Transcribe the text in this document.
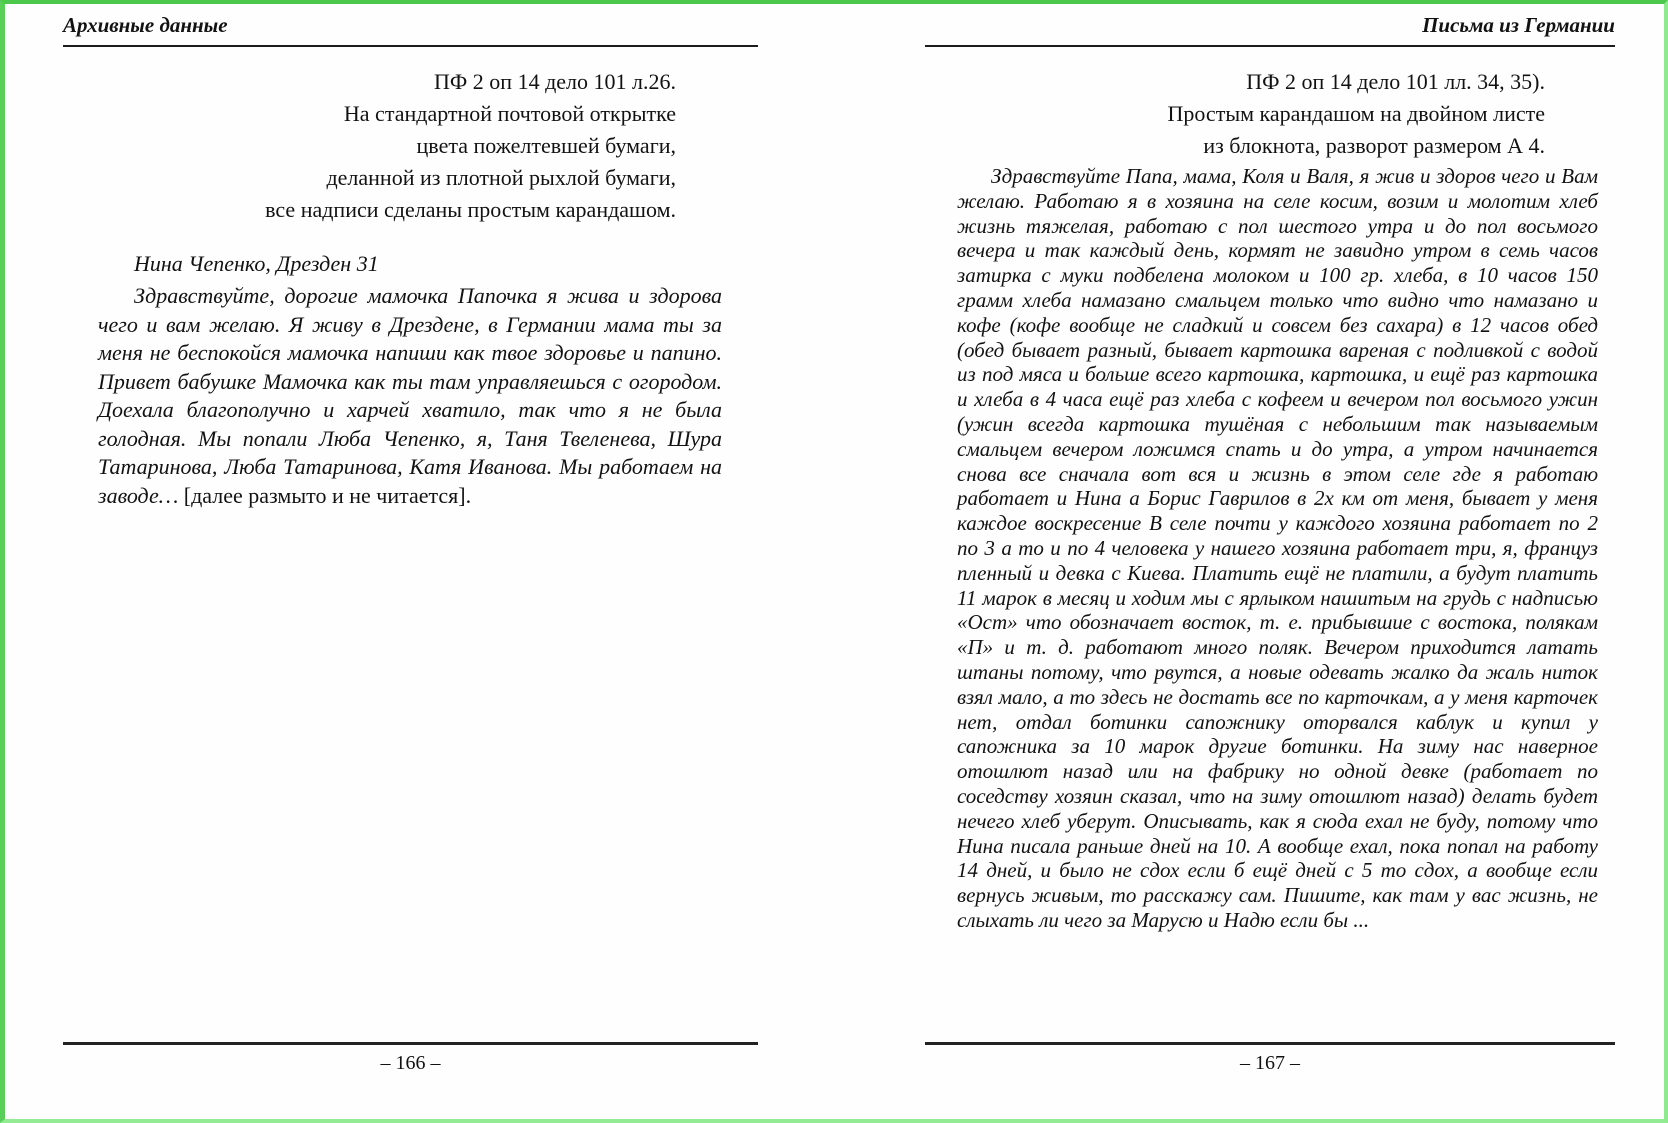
Архивные данные
ПФ 2 оп 14 дело 101 л.26.
На стандартной почтовой открытке
цвета пожелтевшей бумаги,
деланной из плотной рыхлой бумаги,
все надписи сделаны простым карандашом.
Нина Чепенко, Дрезден 31

Здравствуйте, дорогие мамочка Папочка я жива и здорова чего и вам желаю. Я живу в Дрездене, в Германии мама ты за меня не беспокойся мамочка напиши как твое здоровье и папино. Привет бабушке Мамочка как ты там управляешься с огородом. Доехала благополучно и харчей хватило, так что я не была голодная. Мы попали Люба Чепенко, я, Таня Твеленева, Шура Татаринова, Люба Татаринова, Катя Иванова. Мы работаем на заводе… [далее размыто и не читается].

– 166 –
Письма из Германии
ПФ 2 оп 14 дело 101 лл. 34, 35).
Простым карандашом на двойном листе
из блокнота, разворот размером А 4.

Здравствуйте Папа, мама, Коля и Валя, я жив и здоров чего и Вам желаю. Работаю я в хозяина на селе косим, возим и молотим хлеб жизнь тяжелая, работаю с пол шестого утра и до пол восьмого вечера и так каждый день, кормят не завидно утром в семь часов затирка с муки подбелена молоком и 100 гр. хлеба, в 10 часов 150 грамм хлеба намазано смальцем только что видно что намазано и кофе (кофе вообще не сладкий и совсем без сахара) в 12 часов обед (обед бывает разный, бывает картошка вареная с подливкой с водой из под мяса и больше всего картошка, картошка, и ещё раз картошка и хлеба в 4 часа ещё раз хлеба с кофеем и вечером пол восьмого ужин (ужин всегда картошка тушёная с небольшим так называемым смальцем вечером ложимся спать и до утра, а утром начинается снова все сначала вот вся и жизнь в этом селе где я работаю работает и Нина а Борис Гаврилов в 2х км от меня, бывает у меня каждое воскресение В селе почти у каждого хозяина работает по 2 по 3 а то и по 4 человека у нашего хозяина работает три, я, француз пленный и девка с Киева. Платить ещё не платили, а будут платить 11 марок в месяц и ходим мы с ярлыком нашитым на грудь с надписью «Ост» что обозначает восток, т. е. прибывшие с востока, полякам «П» и т. д. работают много поляк. Вечером приходится латать штаны потому, что рвутся, а новые одевать жалко да жаль ниток взял мало, а то здесь не достать все по карточкам, а у меня карточек нет, отдал ботинки сапожнику оторвался каблук и купил у сапожника за 10 марок другие ботинки. На зиму нас наверное отошлют назад или на фабрику но одной девке (работает по соседству хозяин сказал, что на зиму отошлют назад) делать будет нечего хлеб уберут. Описывать, как я сюда ехал не буду, потому что Нина писала раньше дней на 10. А вообще ехал, пока попал на работу 14 дней, и было не сдох если б ещё дней с 5 то сдох, а вообще если вернусь живым, то расскажу сам. Пишите, как там у вас жизнь, не слыхать ли чего за Марусю и Надю если бы ...

– 167 –
